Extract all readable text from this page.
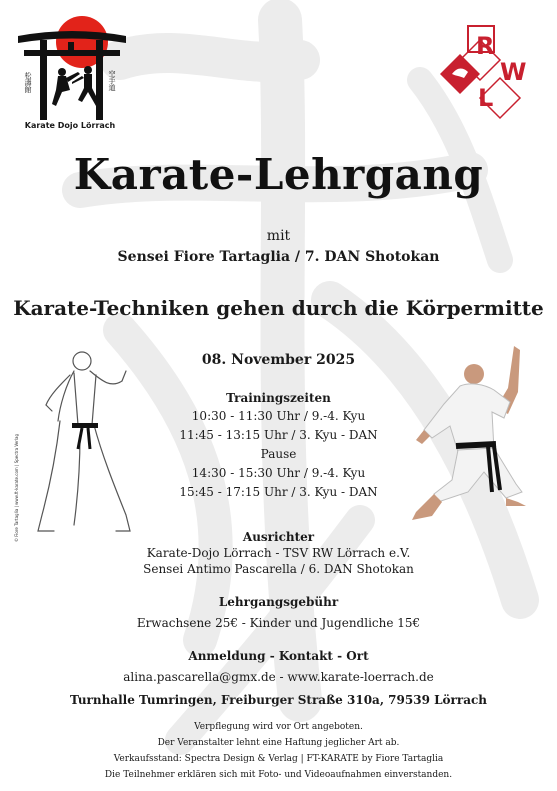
松濤館	空手道
Karate Dojo Lörrach
R
W
L
Karate-Lehrgang
mit
Sensei Fiore Tartaglia / 7. DAN Shotokan
Karate-Techniken gehen durch die Körpermitte
08. November 2025
© Fiore Tartaglia | www.ft-karate.com | Spectra Verlag
Trainingszeiten
10:30 - 11:30 Uhr / 9.-4. Kyu
11:45 - 13:15 Uhr / 3. Kyu - DAN
Pause
14:30 - 15:30 Uhr / 9.-4. Kyu
15:45 - 17:15 Uhr / 3. Kyu - DAN
Ausrichter
Karate-Dojo Lörrach - TSV RW Lörrach e.V.
Sensei Antimo Pascarella / 6. DAN Shotokan
Lehrgangsgebühr
Erwachsene 25€ - Kinder und Jugendliche 15€
Anmeldung - Kontakt - Ort
alina.pascarella@gmx.de - www.karate-loerrach.de
Turnhalle Tumringen, Freiburger Straße 310a, 79539 Lörrach
Verpflegung wird vor Ort angeboten.
Der Veranstalter lehnt eine Haftung jeglicher Art ab.
Verkaufsstand: Spectra Design & Verlag | FT-KARATE by Fiore Tartaglia
Die Teilnehmer erklären sich mit Foto- und Videoaufnahmen einverstanden.
